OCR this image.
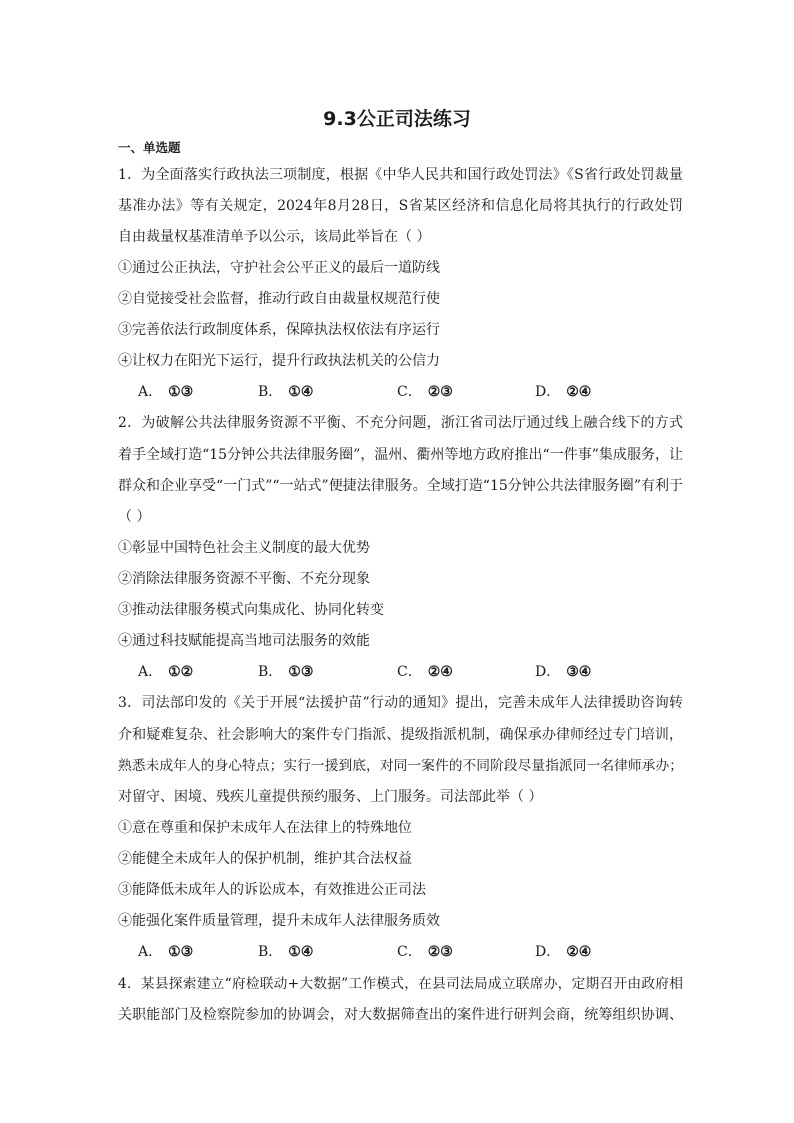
9.3公正司法练习
一、单选题
1．为全面落实行政执法三项制度，根据《中华人民共和国行政处罚法》《S省行政处罚裁量
基准办法》等有关规定，2024年8月28日，S省某区经济和信息化局将其执行的行政处罚
自由裁量权基准清单予以公示，该局此举旨在（ ）
①通过公正执法，守护社会公平正义的最后一道防线
②自觉接受社会监督，推动行政自由裁量权规范行使
③完善依法行政制度体系，保障执法权依法有序运行
④让权力在阳光下运行，提升行政执法机关的公信力
A． ①③	B． ①④	C． ②③	D． ②④
2．为破解公共法律服务资源不平衡、不充分问题，浙江省司法厅通过线上融合线下的方式
着手全域打造“15分钟公共法律服务圈”，温州、衢州等地方政府推出“一件事”集成服务，让
群众和企业享受“一门式”“一站式”便捷法律服务。全域打造“15分钟公共法律服务圈”有利于
（ ）
①彰显中国特色社会主义制度的最大优势
②消除法律服务资源不平衡、不充分现象
③推动法律服务模式向集成化、协同化转变
④通过科技赋能提高当地司法服务的效能
A． ①②	B． ①③	C． ②④	D． ③④
3．司法部印发的《关于开展“法援护苗”行动的通知》提出，完善未成年人法律援助咨询转
介和疑难复杂、社会影响大的案件专门指派、提级指派机制，确保承办律师经过专门培训，
熟悉未成年人的身心特点；实行一援到底，对同一案件的不同阶段尽量指派同一名律师承办；
对留守、困境、残疾儿童提供预约服务、上门服务。司法部此举（ ）
①意在尊重和保护未成年人在法律上的特殊地位
②能健全未成年人的保护机制，维护其合法权益
③能降低未成年人的诉讼成本，有效推进公正司法
④能强化案件质量管理，提升未成年人法律服务质效
A． ①③	B． ①④	C． ②③	D． ②④
4．某县探索建立“府检联动+大数据”工作模式，在县司法局成立联席办，定期召开由政府相
关职能部门及检察院参加的协调会，对大数据筛查出的案件进行研判会商，统筹组织协调、
